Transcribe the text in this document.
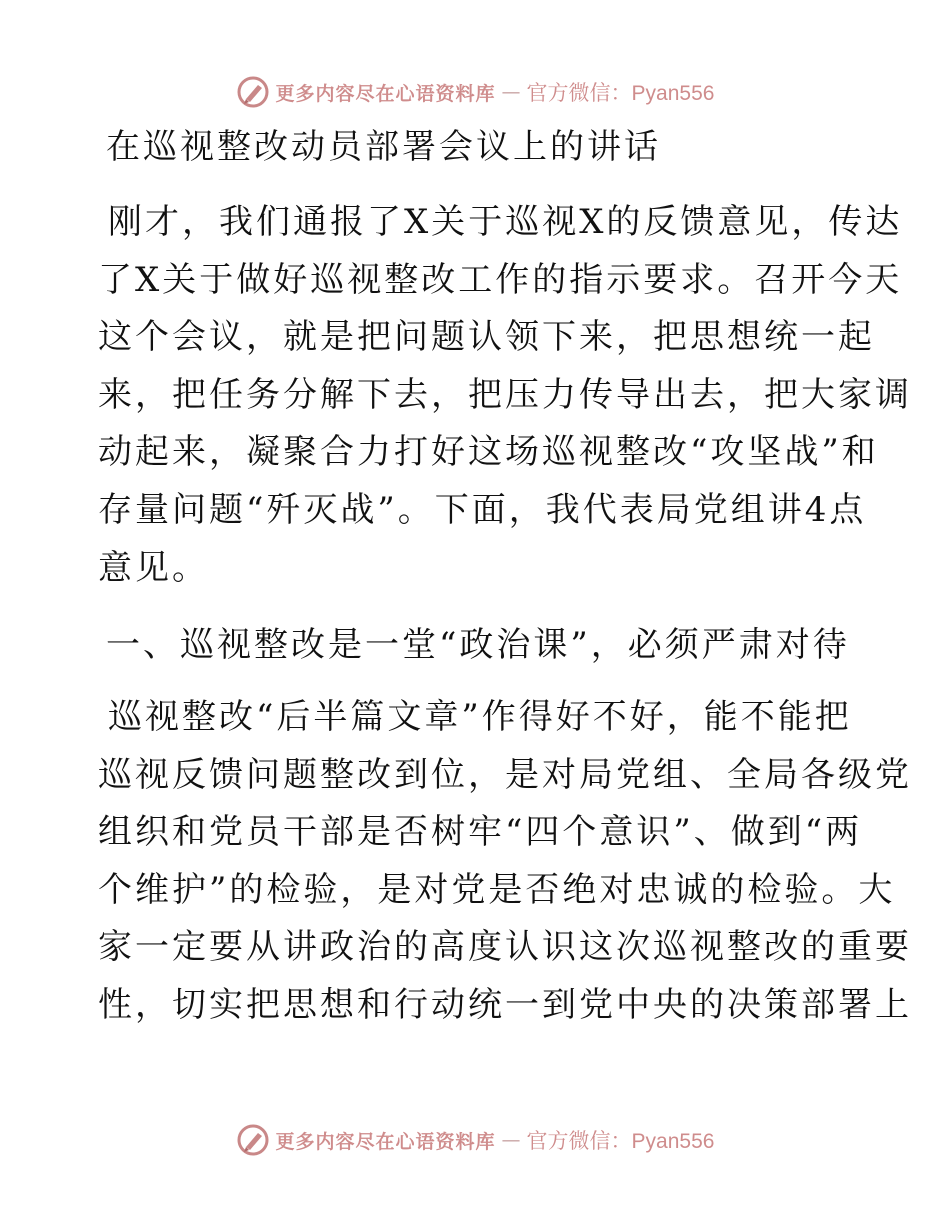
更多内容尽在心语资料库 — 官方微信：Pyan556
在巡视整改动员部署会议上的讲话
刚才，我们通报了X关于巡视X的反馈意见，传达
了X关于做好巡视整改工作的指示要求。召开今天
这个会议，就是把问题认领下来，把思想统一起
来，把任务分解下去，把压力传导出去，把大家调
动起来，凝聚合力打好这场巡视整改“攻坚战”和
存量问题“歼灭战”。下面，我代表局党组讲4点
意见。
一、巡视整改是一堂“政治课”，必须严肃对待
巡视整改“后半篇文章”作得好不好，能不能把
巡视反馈问题整改到位，是对局党组、全局各级党
组织和党员干部是否树牢“四个意识”、做到“两
个维护”的检验，是对党是否绝对忠诚的检验。大
家一定要从讲政治的高度认识这次巡视整改的重要
性，切实把思想和行动统一到党中央的决策部署上
更多内容尽在心语资料库 — 官方微信：Pyan556
